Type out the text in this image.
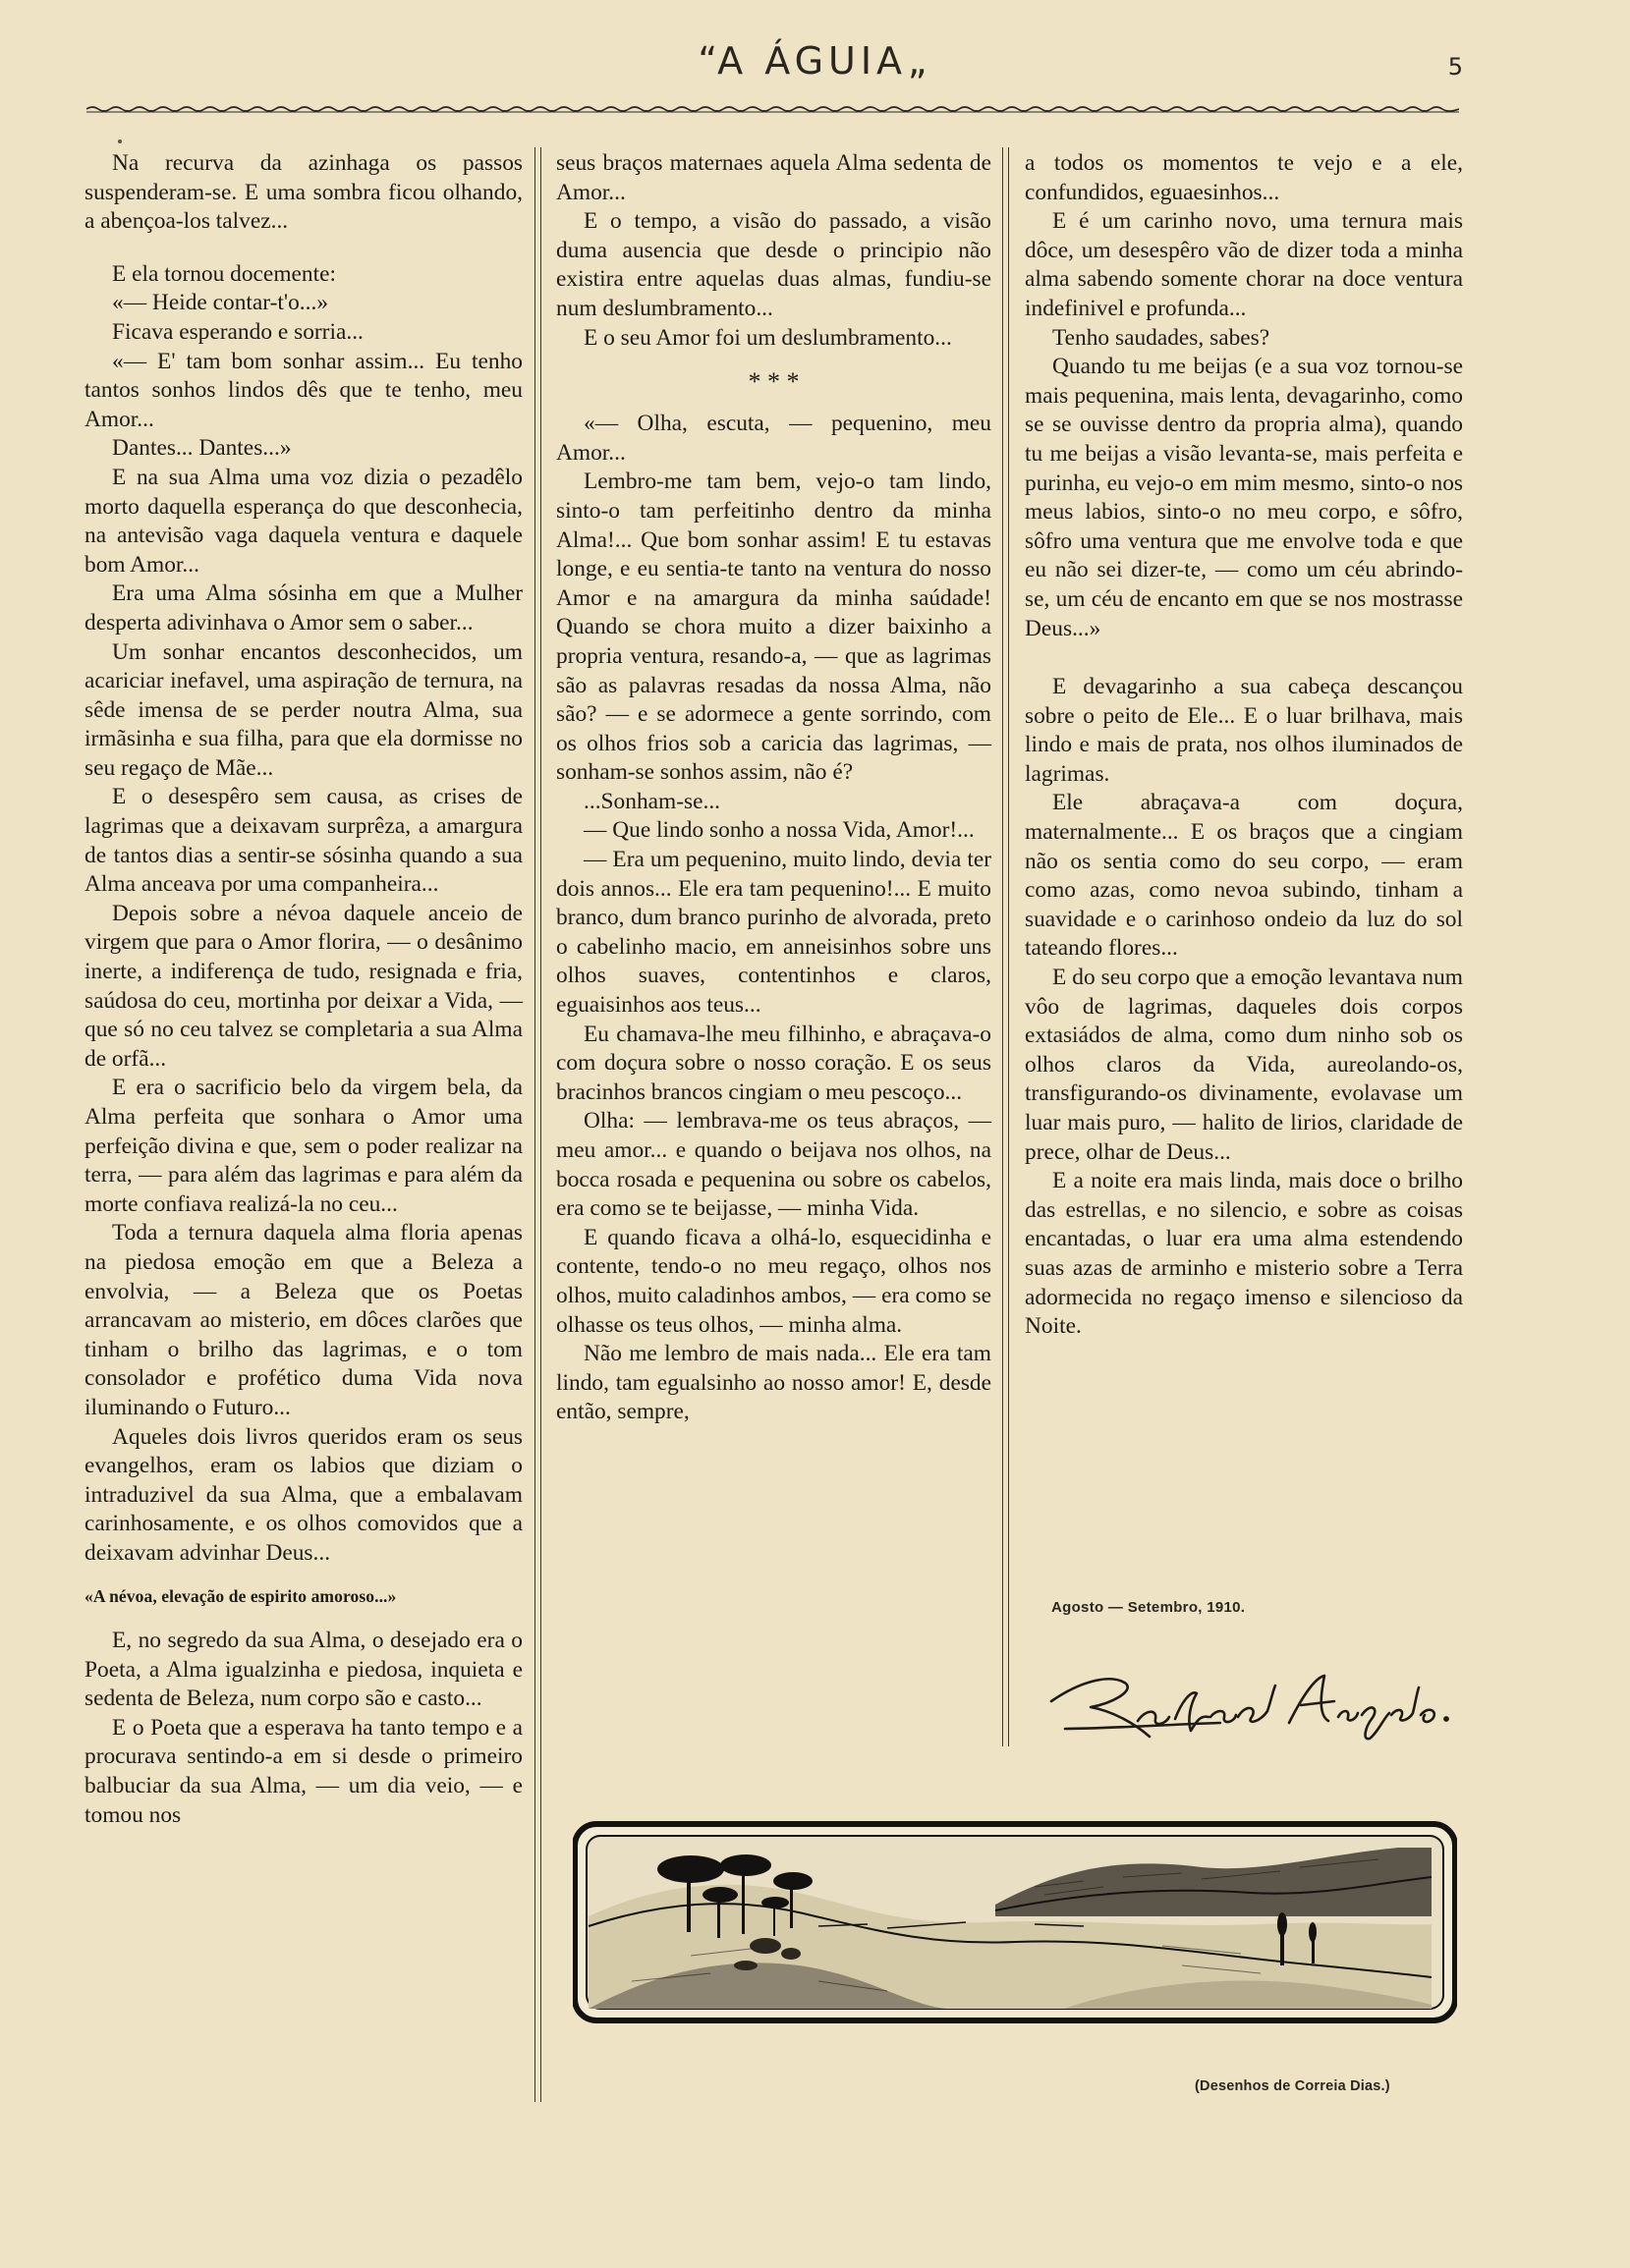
“A ÁGUIA„	5

Na recurva da azinhaga os passos suspenderam-se. E uma sombra ficou olhando, a abençoa-los talvez...

E ela tornou docemente:

«— Heide contar-t'o...»

Ficava esperando e sorria...

«— E' tam bom sonhar assim... Eu tenho tantos sonhos lindos dês que te tenho, meu Amor...

Dantes... Dantes...»

E na sua Alma uma voz dizia o pezadêlo morto daquella esperança do que desconhecia, na antevisão vaga daquela ventura e daquele bom Amor...

Era uma Alma sósinha em que a Mulher desperta adivinhava o Amor sem o saber...

Um sonhar encantos desconhecidos, um acariciar inefavel, uma aspiração de ternura, na sêde imensa de se perder noutra Alma, sua irmãsinha e sua filha, para que ela dormisse no seu regaço de Mãe...

E o desespêro sem causa, as crises de lagrimas que a deixavam surprêza, a amargura de tantos dias a sentir-se sósinha quando a sua Alma anceava por uma companheira...

Depois sobre a névoa daquele anceio de virgem que para o Amor florira, — o desânimo inerte, a indiferença de tudo, resignada e fria, saúdosa do ceu, mortinha por deixar a Vida, — que só no ceu talvez se completaria a sua Alma de orfã...

E era o sacrificio belo da virgem bela, da Alma perfeita que sonhara o Amor uma perfeição divina e que, sem o poder realizar na terra, — para além das lagrimas e para além da morte confiava realizá-la no ceu...

Toda a ternura daquela alma floria apenas na piedosa emoção em que a Beleza a envolvia, — a Beleza que os Poetas arrancavam ao misterio, em dôces clarões que tinham o brilho das lagrimas, e o tom consolador e profético duma Vida nova iluminando o Futuro...

Aqueles dois livros queridos eram os seus evangelhos, eram os labios que diziam o intraduzivel da sua Alma, que a embalavam carinhosamente, e os olhos comovidos que a deixavam advinhar Deus...

«A névoa, elevação de espirito amoroso...»

E, no segredo da sua Alma, o desejado era o Poeta, a Alma igualzinha e piedosa, inquieta e sedenta de Beleza, num corpo são e casto...

E o Poeta que a esperava ha tanto tempo e a procurava sentindo-a em si desde o primeiro balbuciar da sua Alma, — um dia veio, — e tomou nos

seus braços maternaes aquela Alma sedenta de Amor...

E o tempo, a visão do passado, a visão duma ausencia que desde o principio não existira entre aquelas duas almas, fundiu-se num deslumbramento...

E o seu Amor foi um deslumbramento...

* * *

«— Olha, escuta, — pequenino, meu Amor...

Lembro-me tam bem, vejo-o tam lindo, sinto-o tam perfeitinho dentro da minha Alma!... Que bom sonhar assim! E tu estavas longe, e eu sentia-te tanto na ventura do nosso Amor e na amargura da minha saúdade! Quando se chora muito a dizer baixinho a propria ventura, resando-a, — que as lagrimas são as palavras resadas da nossa Alma, não são? — e se adormece a gente sorrindo, com os olhos frios sob a caricia das lagrimas, — sonham-se sonhos assim, não é?

...Sonham-se...

— Que lindo sonho a nossa Vida, Amor!...

— Era um pequenino, muito lindo, devia ter dois annos... Ele era tam pequenino!... E muito branco, dum branco purinho de alvorada, preto o cabelinho macio, em anneisinhos sobre uns olhos suaves, contentinhos e claros, eguaisinhos aos teus...

Eu chamava-lhe meu filhinho, e abraçava-o com doçura sobre o nosso coração. E os seus bracinhos brancos cingiam o meu pescoço...

Olha: — lembrava-me os teus abraços, — meu amor... e quando o beijava nos olhos, na bocca rosada e pequenina ou sobre os cabelos, era como se te beijasse, — minha Vida.

E quando ficava a olhá-lo, esquecidinha e contente, tendo-o no meu regaço, olhos nos olhos, muito caladinhos ambos, — era como se olhasse os teus olhos, — minha alma.

Não me lembro de mais nada... Ele era tam lindo, tam egualsinho ao nosso amor! E, desde então, sempre,

a todos os momentos te vejo e a ele, confundidos, eguaesinhos...

E é um carinho novo, uma ternura mais dôce, um desespêro vão de dizer toda a minha alma sabendo somente chorar na doce ventura indefinivel e profunda...

Tenho saudades, sabes?

Quando tu me beijas (e a sua voz tornou-se mais pequenina, mais lenta, devagarinho, como se se ouvisse dentro da propria alma), quando tu me beijas a visão levanta-se, mais perfeita e purinha, eu vejo-o em mim mesmo, sinto-o nos meus labios, sinto-o no meu corpo, e sôfro, sôfro uma ventura que me envolve toda e que eu não sei dizer-te, — como um céu abrindo-se, um céu de encanto em que se nos mostrasse Deus...»

E devagarinho a sua cabeça descançou sobre o peito de Ele... E o luar brilhava, mais lindo e mais de prata, nos olhos iluminados de lagrimas.

Ele abraçava-a com doçura, maternalmente... E os braços que a cingiam não os sentia como do seu corpo, — eram como azas, como nevoa subindo, tinham a suavidade e o carinhoso ondeio da luz do sol tateando flores...

E do seu corpo que a emoção levantava num vôo de lagrimas, daqueles dois corpos extasiádos de alma, como dum ninho sob os olhos claros da Vida, aureolando-os, transfigurando-os divinamente, evolavase um luar mais puro, — halito de lirios, claridade de prece, olhar de Deus...

E a noite era mais linda, mais doce o brilho das estrellas, e no silencio, e sobre as coisas encantadas, o luar era uma alma estendendo suas azas de arminho e misterio sobre a Terra adormecida no regaço imenso e silencioso da Noite.

Agosto — Setembro, 1910.
(Desenhos de Correia Dias.)
